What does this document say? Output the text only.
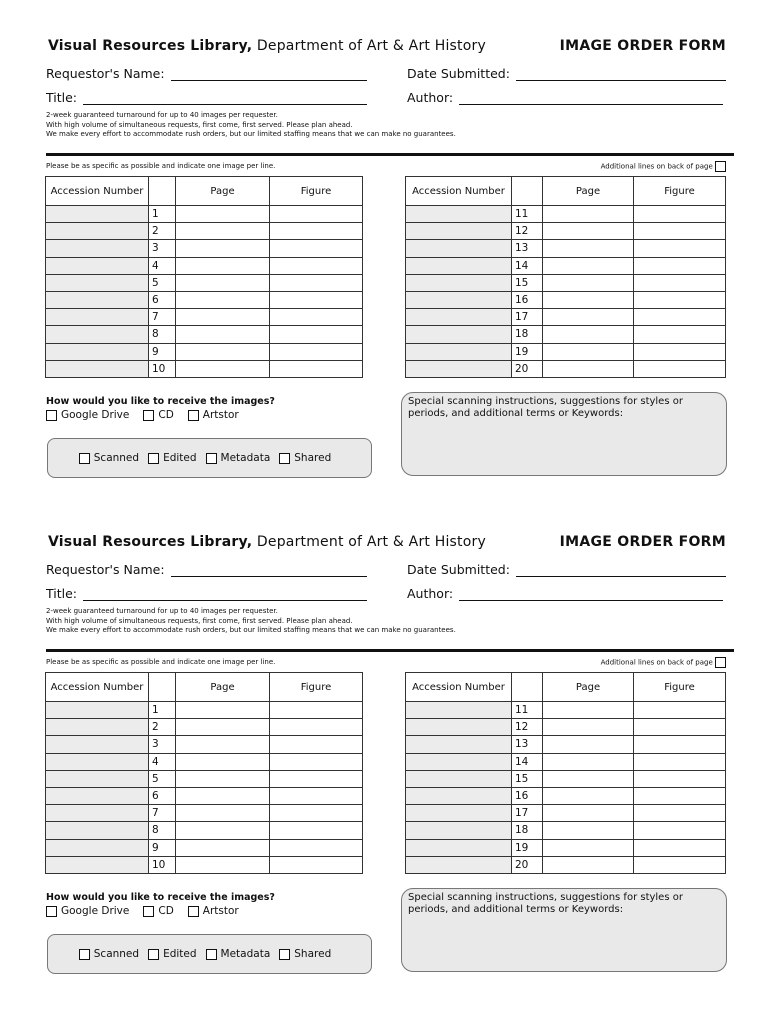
Visual Resources Library, Department of Art & Art History	IMAGE ORDER FORM
Requestor's Name:	Date Submitted:
Title:	Author:
2-week guaranteed turnaround for up to 40 images per requester.
With high volume of simultaneous requests, first come, first served. Please plan ahead.
We make every effort to accommodate rush orders, but our limited staffing means that we can make no guarantees.
Please be as specific as possible and indicate one image per line.	Additional lines on back of page
Accession Number		Page	Figure
	1		
	2		
	3		
	4		
	5		
	6		
	7		
	8		
	9		
	10		
Accession Number		Page	Figure
	11		
	12		
	13		
	14		
	15		
	16		
	17		
	18		
	19		
	20		
How would you like to receive the images?
Google Drive	CD	Artstor
Scanned	Edited	Metadata	Shared
Special scanning instructions, suggestions for styles or periods, and additional terms or Keywords:
Visual Resources Library, Department of Art & Art History	IMAGE ORDER FORM
Requestor's Name:	Date Submitted:
Title:	Author:
2-week guaranteed turnaround for up to 40 images per requester.
With high volume of simultaneous requests, first come, first served. Please plan ahead.
We make every effort to accommodate rush orders, but our limited staffing means that we can make no guarantees.
Please be as specific as possible and indicate one image per line.	Additional lines on back of page
Accession Number		Page	Figure
	1		
	2		
	3		
	4		
	5		
	6		
	7		
	8		
	9		
	10		
Accession Number		Page	Figure
	11		
	12		
	13		
	14		
	15		
	16		
	17		
	18		
	19		
	20		
How would you like to receive the images?
Google Drive	CD	Artstor
Scanned	Edited	Metadata	Shared
Special scanning instructions, suggestions for styles or periods, and additional terms or Keywords:
